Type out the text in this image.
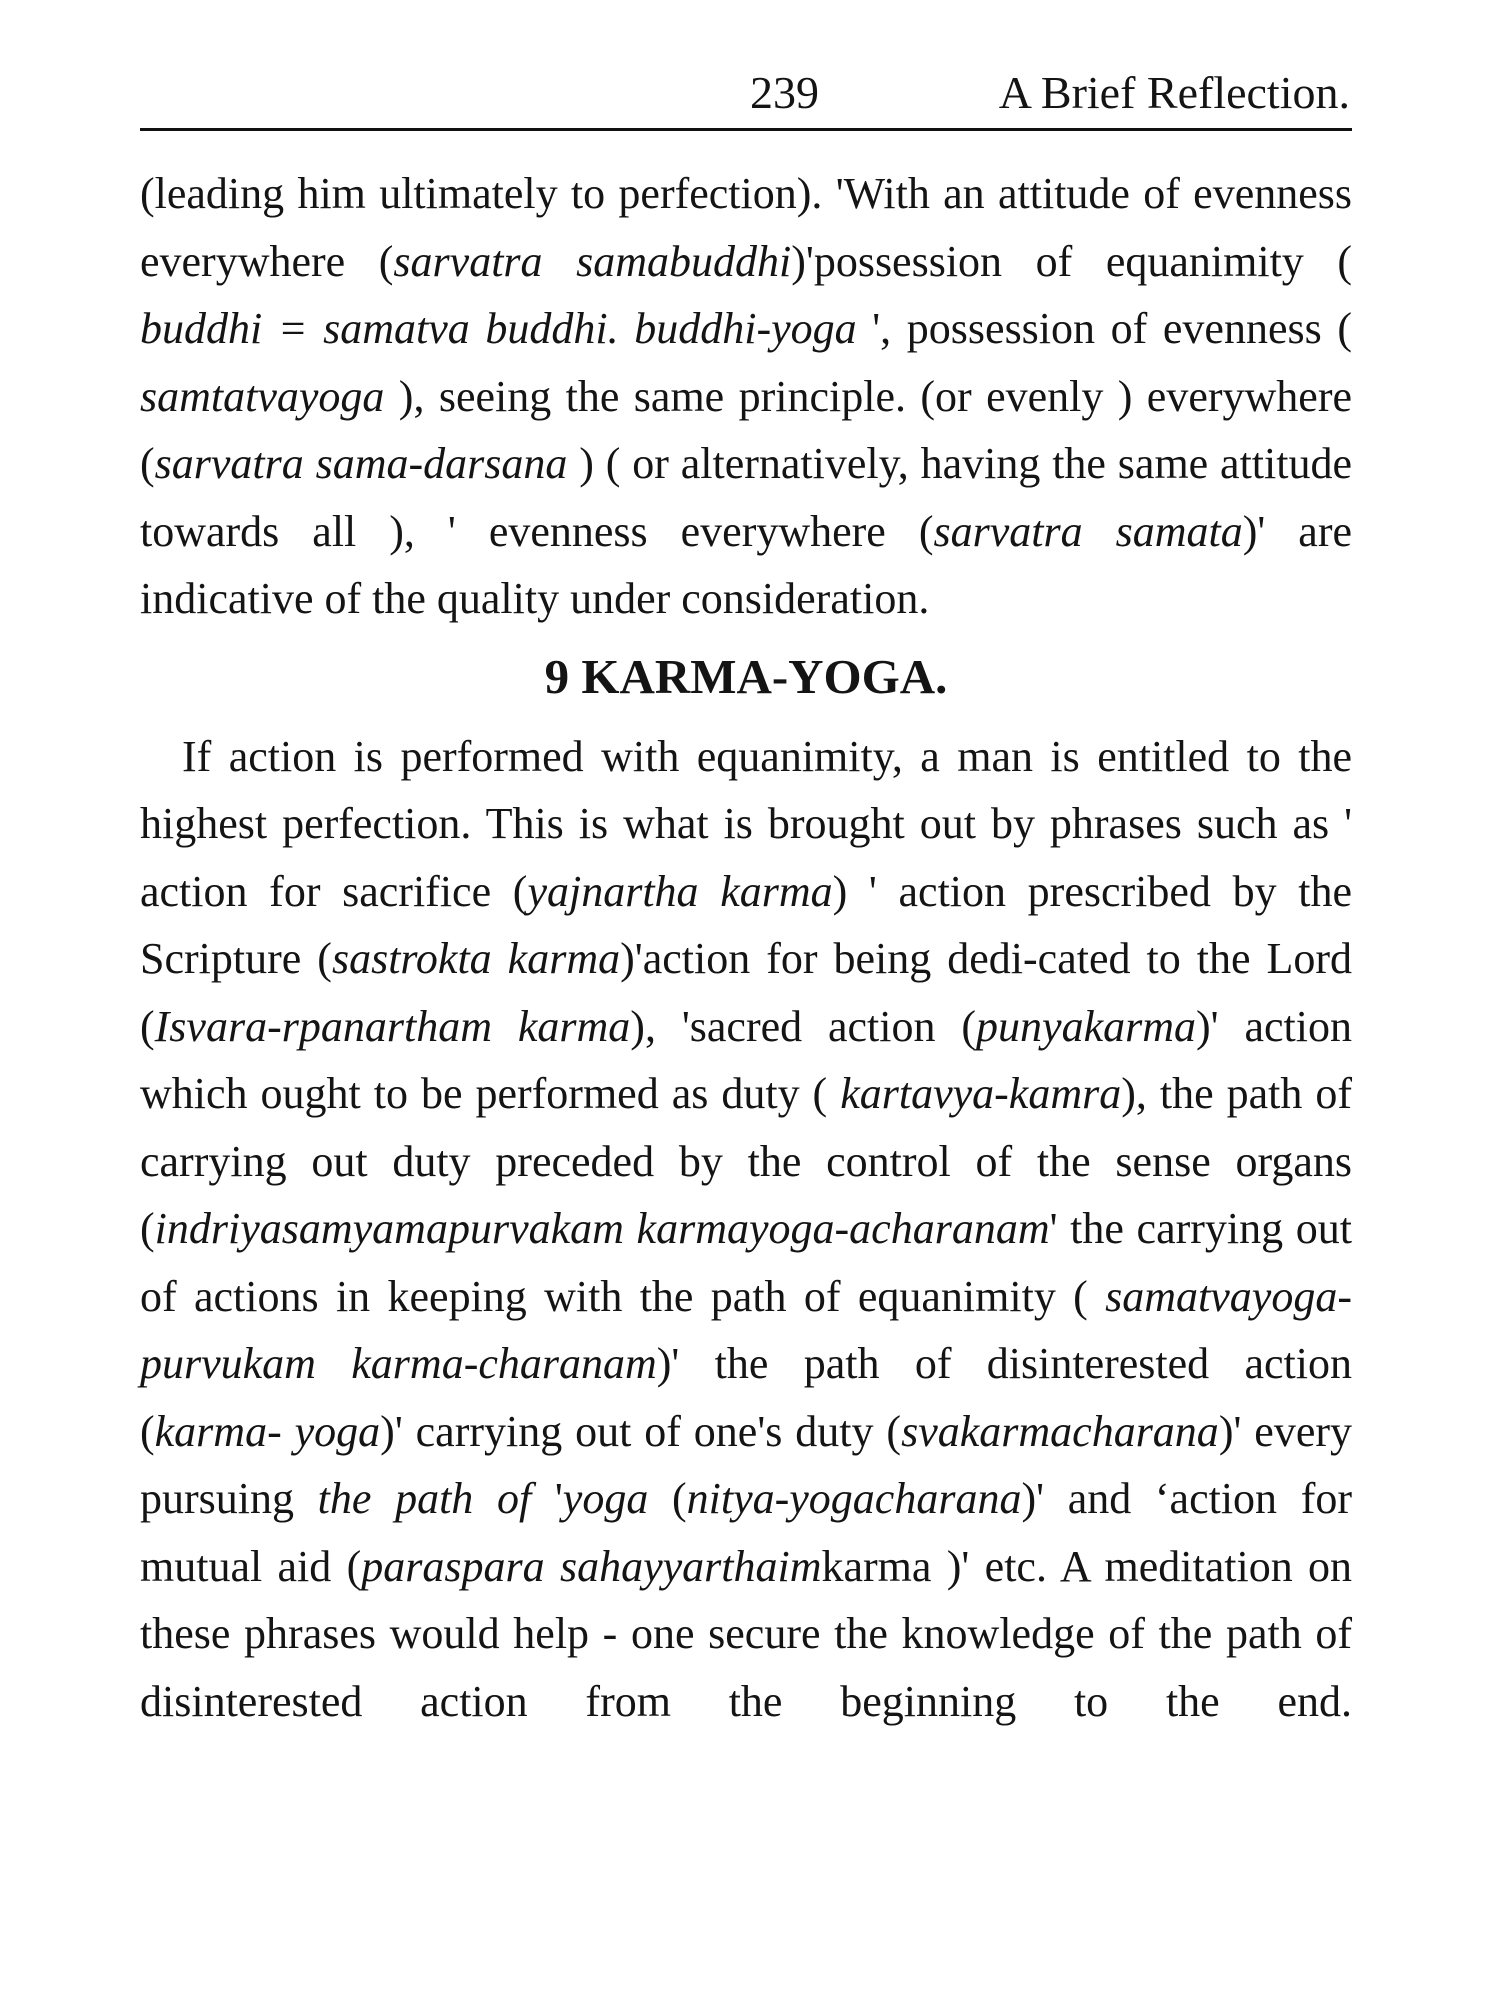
239	A Brief Reflection.

(leading him ultimately to perfection). 'With an attitude of evenness everywhere (sarvatra samabuddhi)'possession of equanimity ( buddhi = samatva buddhi. buddhi-yoga ', possession of evenness ( samtatvayoga ), seeing the same principle. (or evenly ) everywhere (sarvatra sama-darsana ) ( or alternatively, having the same attitude towards all ), ' evenness everywhere (sarvatra samata)' are indicative of the quality under consideration.

9 KARMA-YOGA.

If action is performed with equanimity, a man is entitled to the highest perfection. This is what is brought out by phrases such as ' action for sacrifice (yajnartha karma) ' action prescribed by the Scripture (sastrokta karma)'action for being dedi-cated to the Lord (Isvara-rpanartham karma), 'sacred action (punyakarma)' action which ought to be performed as duty ( kartavya-kamra), the path of carrying out duty preceded by the control of the sense organs (indriyasamyamapurvakam karmayoga-acharanam' the carrying out of actions in keeping with the path of equanimity ( samatvayoga-purvukam karma-charanam)' the path of disinterested action (karma- yoga)' carrying out of one's duty (svakarmacharana)' every pursuing the path of 'yoga (nitya-yogacharana)' and ‘action for mutual aid (paraspara sahayyarthaimkarma )' etc. A meditation on these phrases would help - one secure the knowledge of the path of disinterested action from the beginning to the end.
